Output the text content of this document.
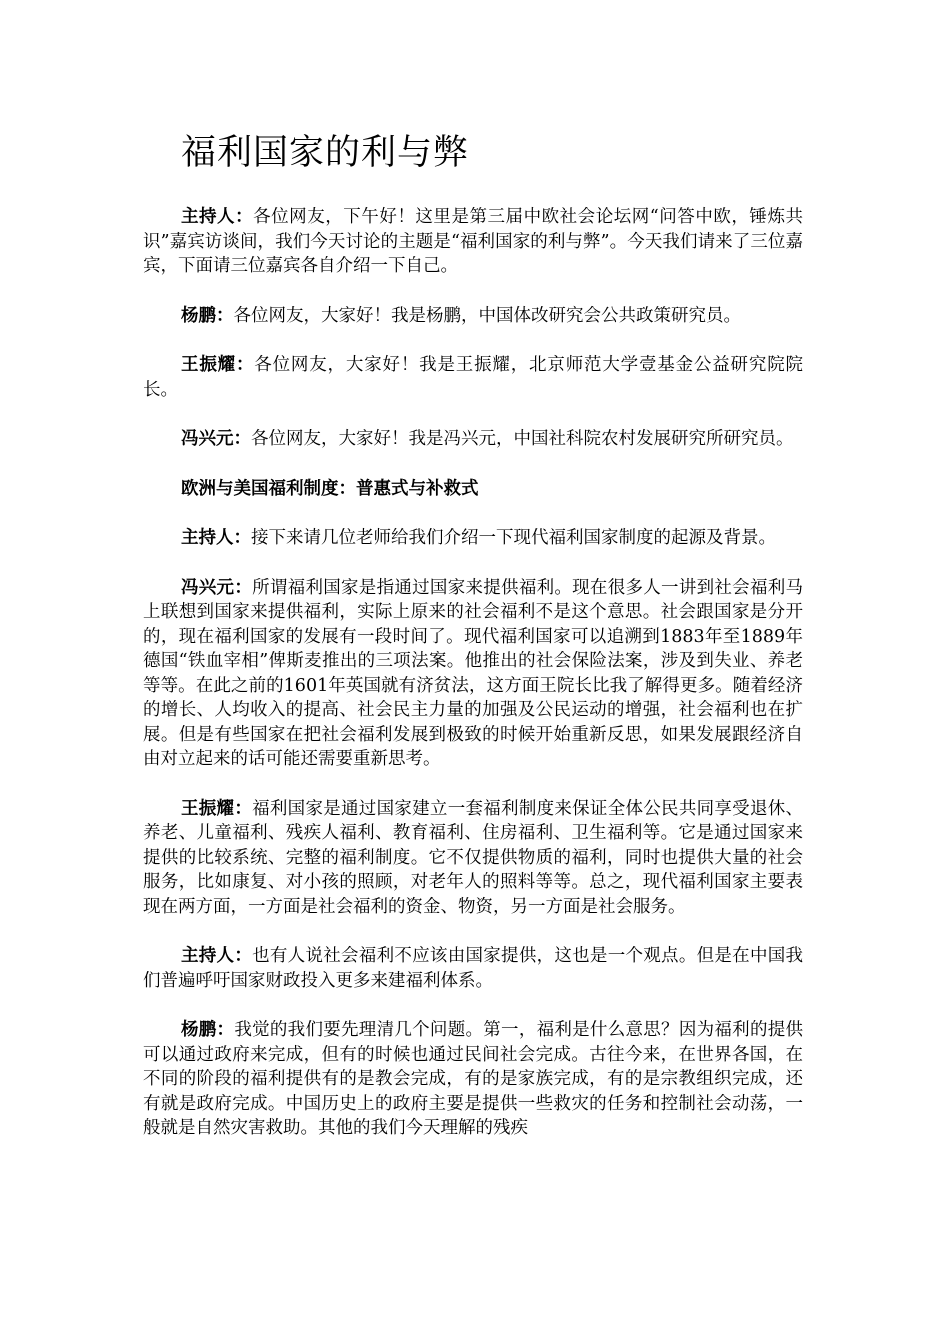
福利国家的利与弊

主持人：各位网友，下午好！这里是第三届中欧社会论坛网“问答中欧，锤炼共识”嘉宾访谈间，我们今天讨论的主题是“福利国家的利与弊”。今天我们请来了三位嘉宾，下面请三位嘉宾各自介绍一下自己。

杨鹏：各位网友，大家好！我是杨鹏，中国体改研究会公共政策研究员。

王振耀：各位网友，大家好！我是王振耀，北京师范大学壹基金公益研究院院长。

冯兴元：各位网友，大家好！我是冯兴元，中国社科院农村发展研究所研究员。

欧洲与美国福利制度：普惠式与补救式

主持人：接下来请几位老师给我们介绍一下现代福利国家制度的起源及背景。

冯兴元：所谓福利国家是指通过国家来提供福利。现在很多人一讲到社会福利马上联想到国家来提供福利，实际上原来的社会福利不是这个意思。社会跟国家是分开的，现在福利国家的发展有一段时间了。现代福利国家可以追溯到1883年至1889年德国“铁血宰相”俾斯麦推出的三项法案。他推出的社会保险法案，涉及到失业、养老等等。在此之前的1601年英国就有济贫法，这方面王院长比我了解得更多。随着经济的增长、人均收入的提高、社会民主力量的加强及公民运动的增强，社会福利也在扩展。但是有些国家在把社会福利发展到极致的时候开始重新反思，如果发展跟经济自由对立起来的话可能还需要重新思考。

王振耀：福利国家是通过国家建立一套福利制度来保证全体公民共同享受退休、养老、儿童福利、残疾人福利、教育福利、住房福利、卫生福利等。它是通过国家来提供的比较系统、完整的福利制度。它不仅提供物质的福利，同时也提供大量的社会服务，比如康复、对小孩的照顾，对老年人的照料等等。总之，现代福利国家主要表现在两方面，一方面是社会福利的资金、物资，另一方面是社会服务。

主持人：也有人说社会福利不应该由国家提供，这也是一个观点。但是在中国我们普遍呼吁国家财政投入更多来建福利体系。

杨鹏：我觉的我们要先理清几个问题。第一，福利是什么意思？因为福利的提供可以通过政府来完成，但有的时候也通过民间社会完成。古往今来，在世界各国，在不同的阶段的福利提供有的是教会完成，有的是家族完成，有的是宗教组织完成，还有就是政府完成。中国历史上的政府主要是提供一些救灾的任务和控制社会动荡，一般就是自然灾害救助。其他的我们今天理解的残疾
